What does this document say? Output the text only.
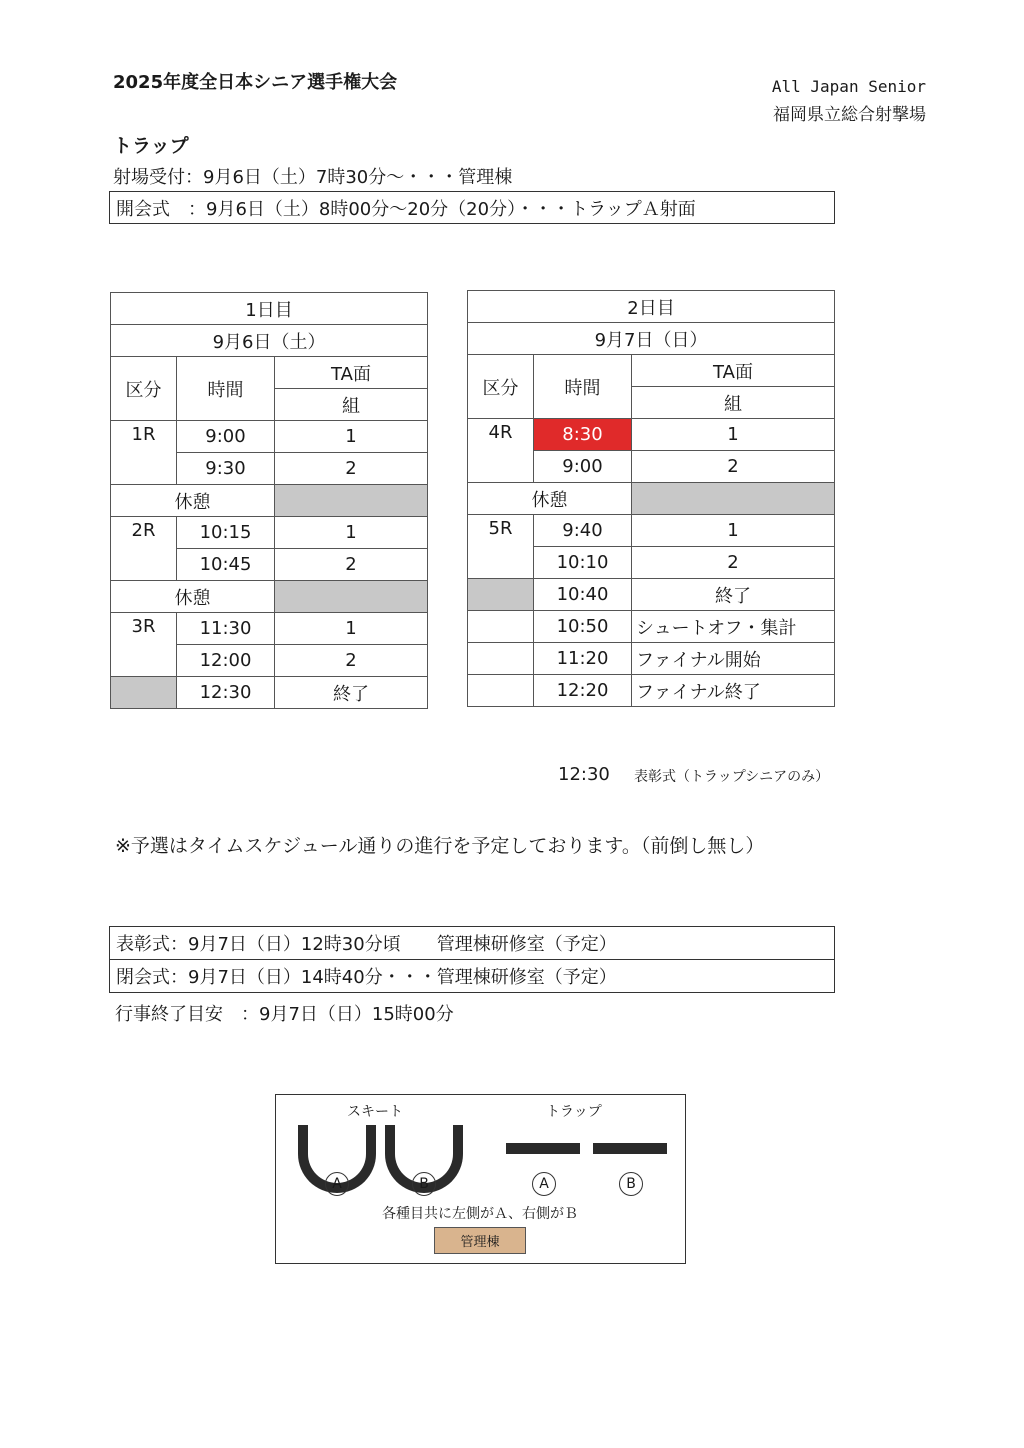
2025年度全日本シニア選手権大会	All Japan Senior
福岡県立総合射撃場
トラップ
射場受付：9月6日（土）7時30分～・・・管理棟
開会式　：9月6日（土）8時00分～20分（20分）・・・トラップＡ射面
1日目		
9月6日（土）		
区分	時間	TA面
		組
1R	9:00	1
	9:30	2
休憩		
2R	10:15	1
	10:45	2
休憩		
3R	11:30	1
	12:00	2
	12:30	終了
2日目		
9月7日（日）		
区分	時間	TA面
		組
4R	8:30	1
	9:00	2
休憩		
5R	9:40	1
	10:10	2
	10:40	終了
	10:50	シュートオフ・集計
	11:20	ファイナル開始
	12:20	ファイナル終了
12:30 表彰式（トラップシニアのみ）
※予選はタイムスケジュール通りの進行を予定しております。（前倒し無し）
表彰式：9月7日（日）12時30分頃　　管理棟研修室（予定）
閉会式：9月7日（日）14時40分・・・管理棟研修室（予定）
行事終了目安　：9月7日（日）15時00分
スキート	トラップ
A	B	A	B
各種目共に左側がＡ、右側がＢ
管理棟
